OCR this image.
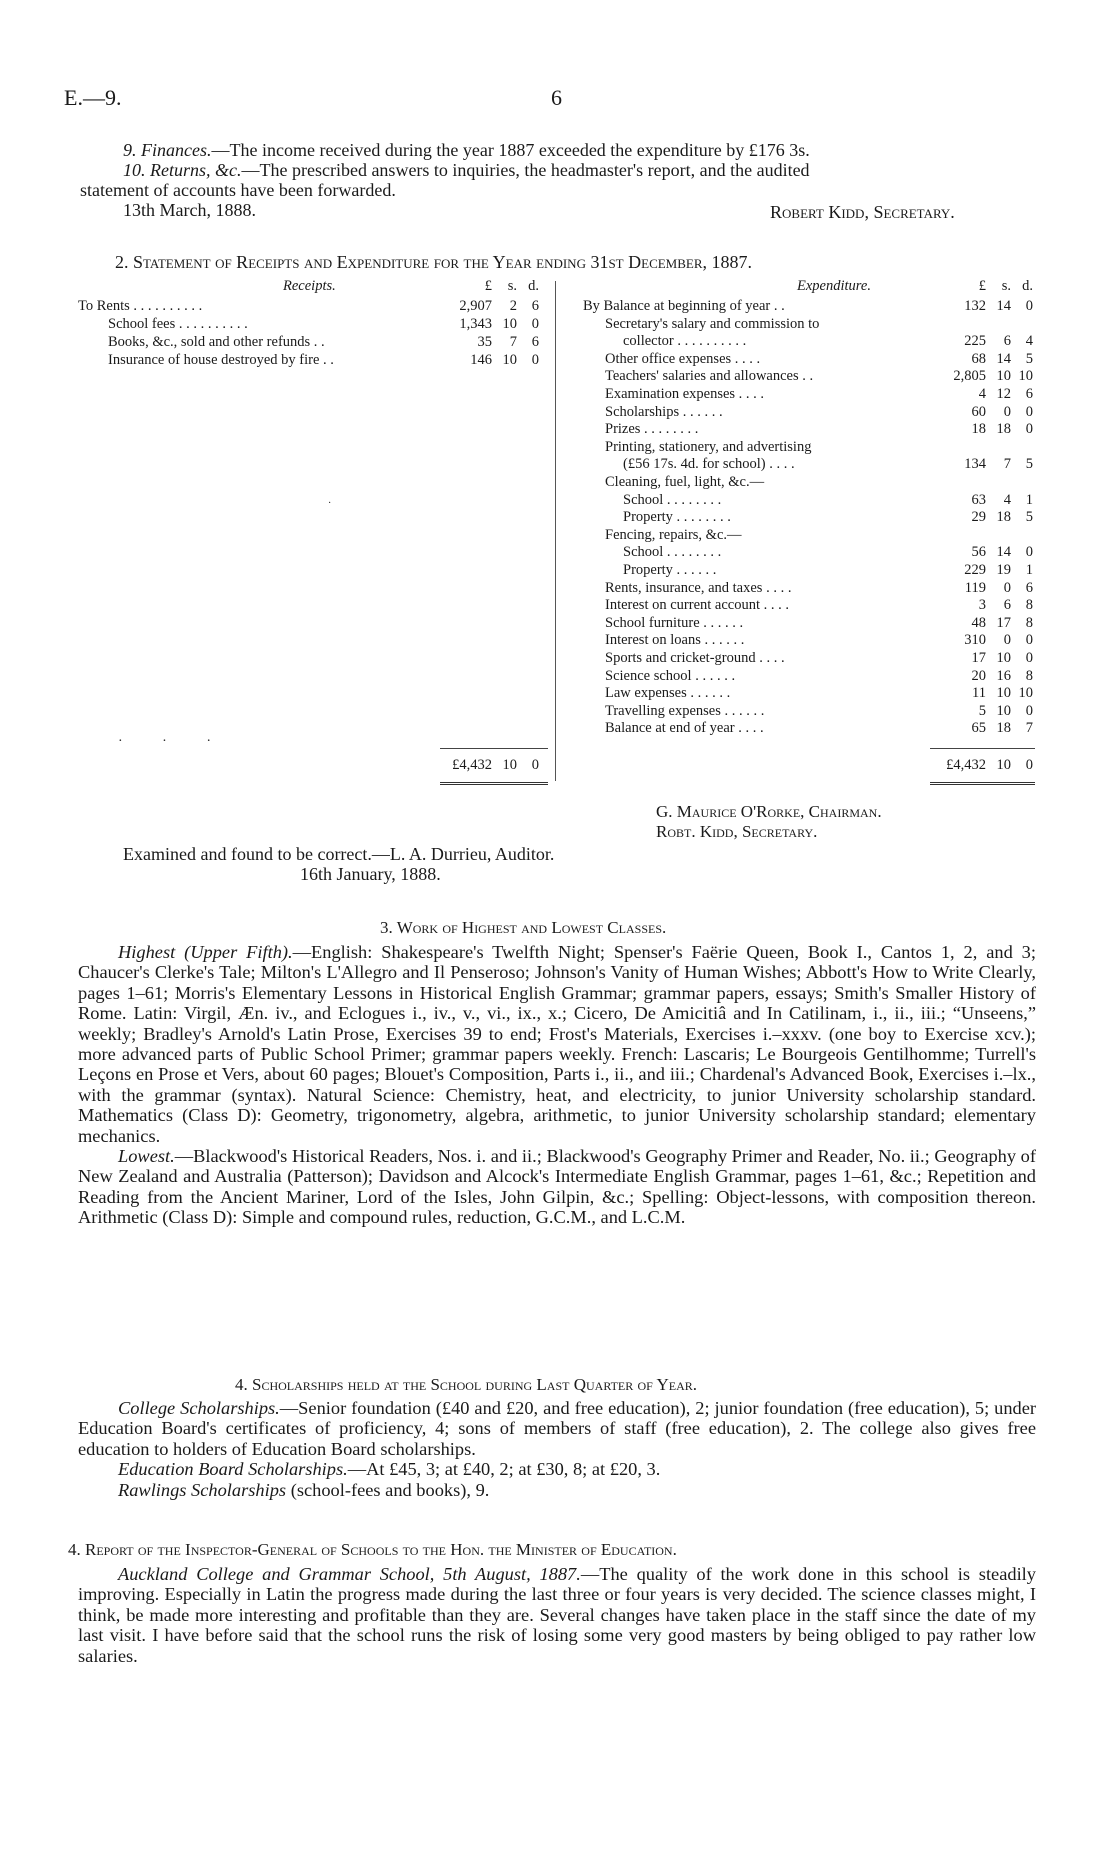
E.—9.	6
9. Finances.—The income received during the year 1887 exceeded the expenditure by £176 3s.
10. Returns, &c.—The prescribed answers to inquiries, the headmaster's report, and the audited
statement of accounts have been forwarded.
13th March, 1888.	Robert Kidd, Secretary.
2. Statement of Receipts and Expenditure for the Year ending 31st December, 1887.
Receipts.	£	s. d.	Expenditure.	£	s. d.
To Rents . . . . . . . . . .	2,907	2	6
School fees . . . . . . . . . .	1,343 10	0
Books, &c., sold and other refunds . .	35	7	6
Insurance of house destroyed by fire . .	146 10	0
· · ·
·
By Balance at beginning of year . .	132 14	0
Secretary's salary and commission to
collector . . . . . . . . . .	225	6	4
Other office expenses . . . .	68 14	5
Teachers' salaries and allowances . .	2,805 10 10
Examination expenses . . . .	4 12	6
Scholarships . . . . . .	60	0	0
Prizes . . . . . . . .	18 18	0
Printing, stationery, and advertising
(£56 17s. 4d. for school) . . . .	134	7	5
Cleaning, fuel, light, &c.—
School . . . . . . . .	63	4	1
Property . . . . . . . .	29 18	5
Fencing, repairs, &c.—
School . . . . . . . .	56 14	0
Property . . . . . .	229 19	1
Rents, insurance, and taxes . . . .	119	0	6
Interest on current account . . . .	3	6	8
School furniture . . . . . .	48 17	8
Interest on loans . . . . . .	310	0	0
Sports and cricket-ground . . . .	17 10	0
Science school . . . . . .	20 16	8
Law expenses . . . . . .	11 10 10
Travelling expenses . . . . . .	5 10	0
Balance at end of year . . . .	65 18	7
£4,432 10	0	£4,432 10	0
G. Maurice O'Rorke, Chairman.
Robt. Kidd, Secretary.
Examined and found to be correct.—L. A. Durrieu, Auditor.
16th January, 1888.
3. Work of Highest and Lowest Classes.

Highest (Upper Fifth).—English: Shakespeare's Twelfth Night; Spenser's Faërie Queen, Book I., Cantos 1, 2, and 3; Chaucer's Clerke's Tale; Milton's L'Allegro and Il Penseroso; Johnson's Vanity of Human Wishes; Abbott's How to Write Clearly, pages 1–61; Morris's Elementary Lessons in Historical English Grammar; grammar papers, essays; Smith's Smaller History of Rome. Latin: Virgil, Æn. iv., and Eclogues i., iv., v., vi., ix., x.; Cicero, De Amicitiâ and In Catilinam, i., ii., iii.; “Unseens,” weekly; Bradley's Arnold's Latin Prose, Exercises 39 to end; Frost's Materials, Exercises i.–xxxv. (one boy to Exercise xcv.); more advanced parts of Public School Primer; grammar papers weekly. French: Lascaris; Le Bourgeois Gentilhomme; Turrell's Leçons en Prose et Vers, about 60 pages; Blouet's Composition, Parts i., ii., and iii.; Chardenal's Advanced Book, Exercises i.–lx., with the grammar (syntax). Natural Science: Chemistry, heat, and electricity, to junior University scholarship standard. Mathematics (Class D): Geometry, trigonometry, algebra, arithmetic, to junior University scholarship standard; elementary mechanics.

Lowest.—Blackwood's Historical Readers, Nos. i. and ii.; Blackwood's Geography Primer and Reader, No. ii.; Geography of New Zealand and Australia (Patterson); Davidson and Alcock's Intermediate English Grammar, pages 1–61, &c.; Repetition and Reading from the Ancient Mariner, Lord of the Isles, John Gilpin, &c.; Spelling: Object-lessons, with composition thereon. Arithmetic (Class D): Simple and compound rules, reduction, G.C.M., and L.C.M.

4. Scholarships held at the School during Last Quarter of Year.

College Scholarships.—Senior foundation (£40 and £20, and free education), 2; junior foundation (free education), 5; under Education Board's certificates of proficiency, 4; sons of members of staff (free education), 2. The college also gives free education to holders of Education Board scholarships.

Education Board Scholarships.—At £45, 3; at £40, 2; at £30, 8; at £20, 3.

Rawlings Scholarships (school-fees and books), 9.

4. Report of the Inspector-General of Schools to the Hon. the Minister of Education.

Auckland College and Grammar School, 5th August, 1887.—The quality of the work done in this school is steadily improving. Especially in Latin the progress made during the last three or four years is very decided. The science classes might, I think, be made more interesting and profitable than they are. Several changes have taken place in the staff since the date of my last visit. I have before said that the school runs the risk of losing some very good masters by being obliged to pay rather low salaries.
